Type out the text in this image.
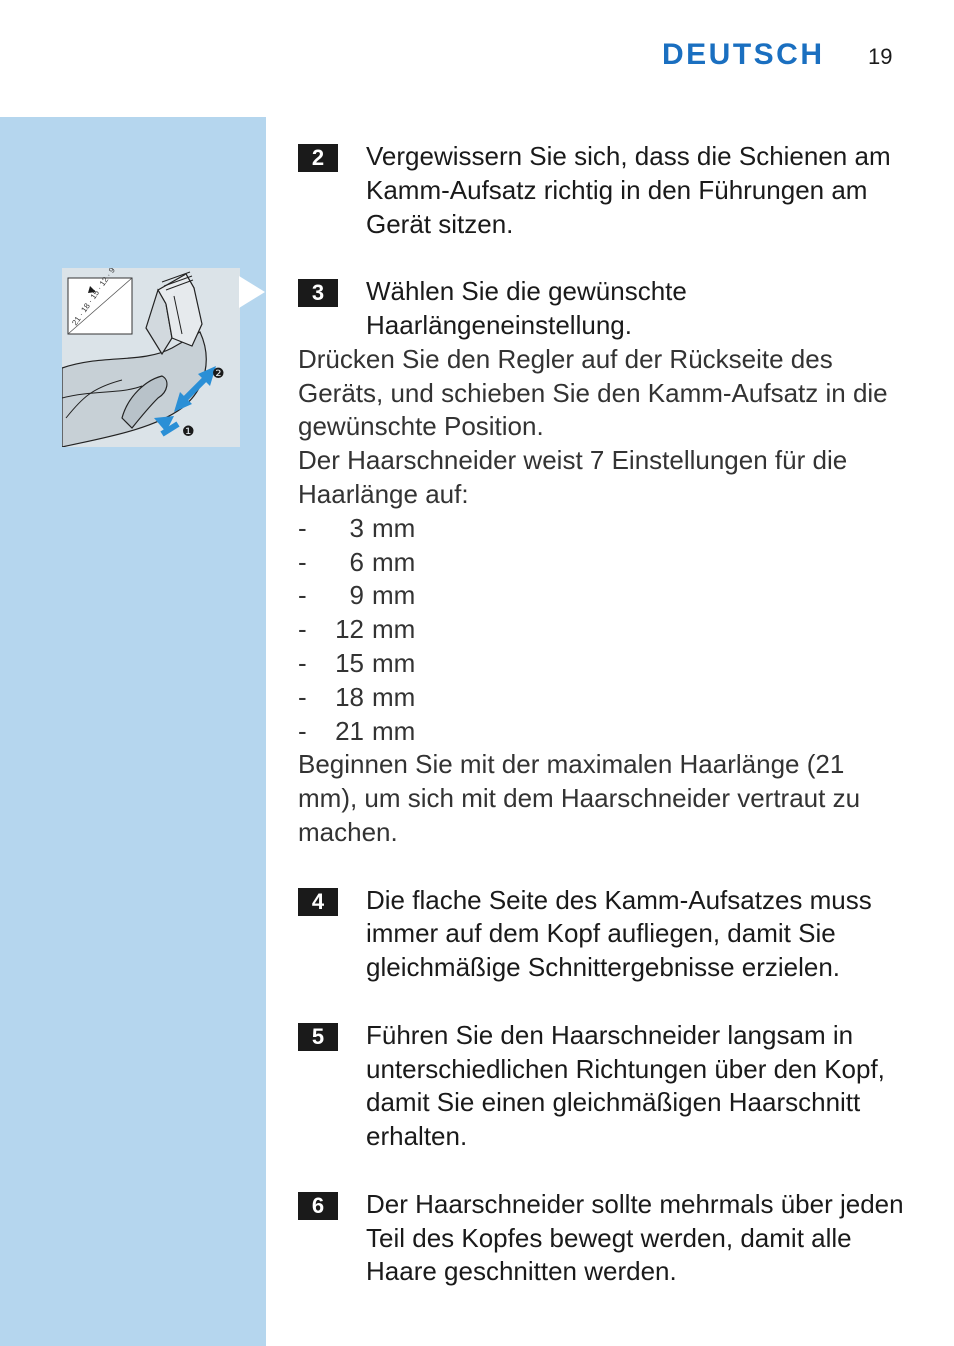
DEUTSCH 19
❷
❶
2	Vergewissern Sie sich, dass die Schienen am Kamm-Aufsatz richtig in den Führungen am Gerät sitzen.
3	Wählen Sie die gewünschte Haarlängeneinstellung.

Drücken Sie den Regler auf der Rückseite des Geräts, und schieben Sie den Kamm-Aufsatz in die gewünschte Position.

Der Haarschneider weist 7 Einstellungen für die Haarlänge auf:

-	3 mm
-	6 mm
-	9 mm
-	12 mm
-	15 mm
-	18 mm
-	21 mm

Beginnen Sie mit der maximalen Haarlänge (21 mm), um sich mit dem Haarschneider vertraut zu machen.

4	Die flache Seite des Kamm-Aufsatzes muss immer auf dem Kopf aufliegen, damit Sie gleichmäßige Schnittergebnisse erzielen.
5	Führen Sie den Haarschneider langsam in unterschiedlichen Richtungen über den Kopf, damit Sie einen gleichmäßigen Haarschnitt erhalten.
6	Der Haarschneider sollte mehrmals über jeden Teil des Kopfes bewegt werden, damit alle Haare geschnitten werden.
